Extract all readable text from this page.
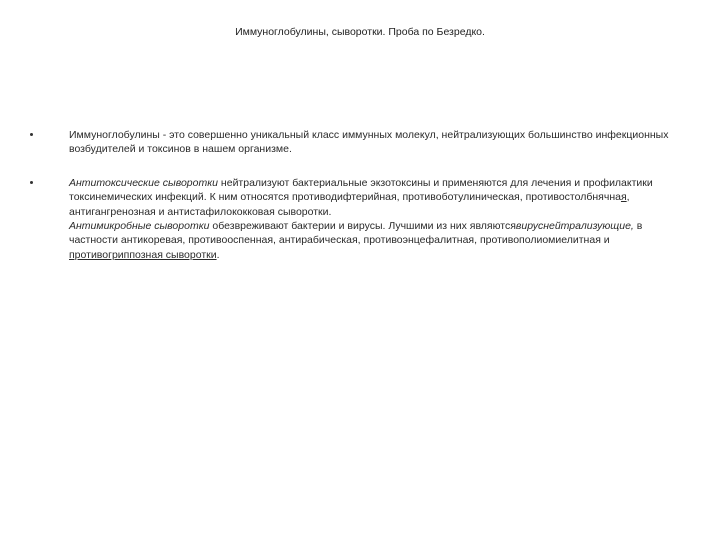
Иммуноглобулины, сыворотки. Проба по Безредко.
Иммуноглобулины - это совершенно уникальный класс иммунных молекул, нейтрализующих большинство инфекционных возбудителей и токсинов в нашем организме.
Антитоксические сыворотки нейтрализуют бактериальные экзотоксины и применяются для лечения и профилактики токсинемических инфекций. К ним относятся противодифтерийная, противоботулиническая, противостолбнячная, антигангренозная и антистафилококковая сыворотки.
Антимикробные сыворотки обезвреживают бактерии и вирусы. Лучшими из них являютсявируснейтрализующие, в частности антикоревая, противооспенная, антирабическая, противоэнцефалитная, противополиомиелитная и противогриппозная сыворотки.
